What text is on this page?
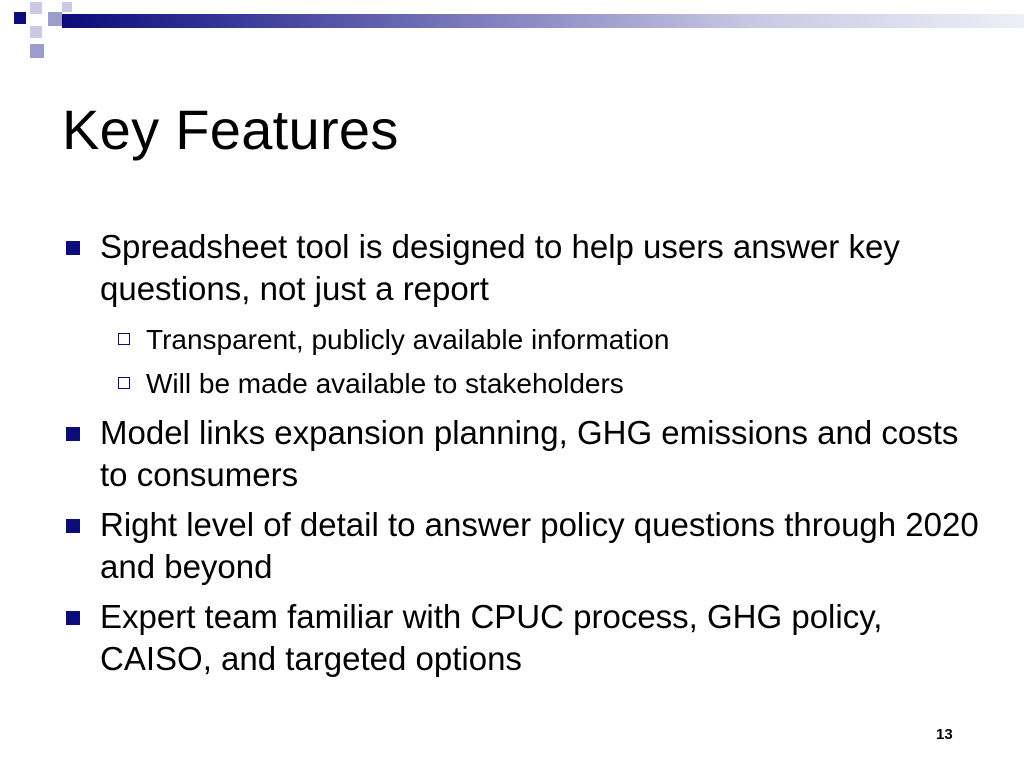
Key Features
Spreadsheet tool is designed to help users answer key questions, not just a report
Transparent, publicly available information
Will be made available to stakeholders
Model links expansion planning, GHG emissions and costs to consumers
Right level of detail to answer policy questions through 2020 and beyond
Expert team familiar with CPUC process, GHG policy, CAISO, and targeted options
13
